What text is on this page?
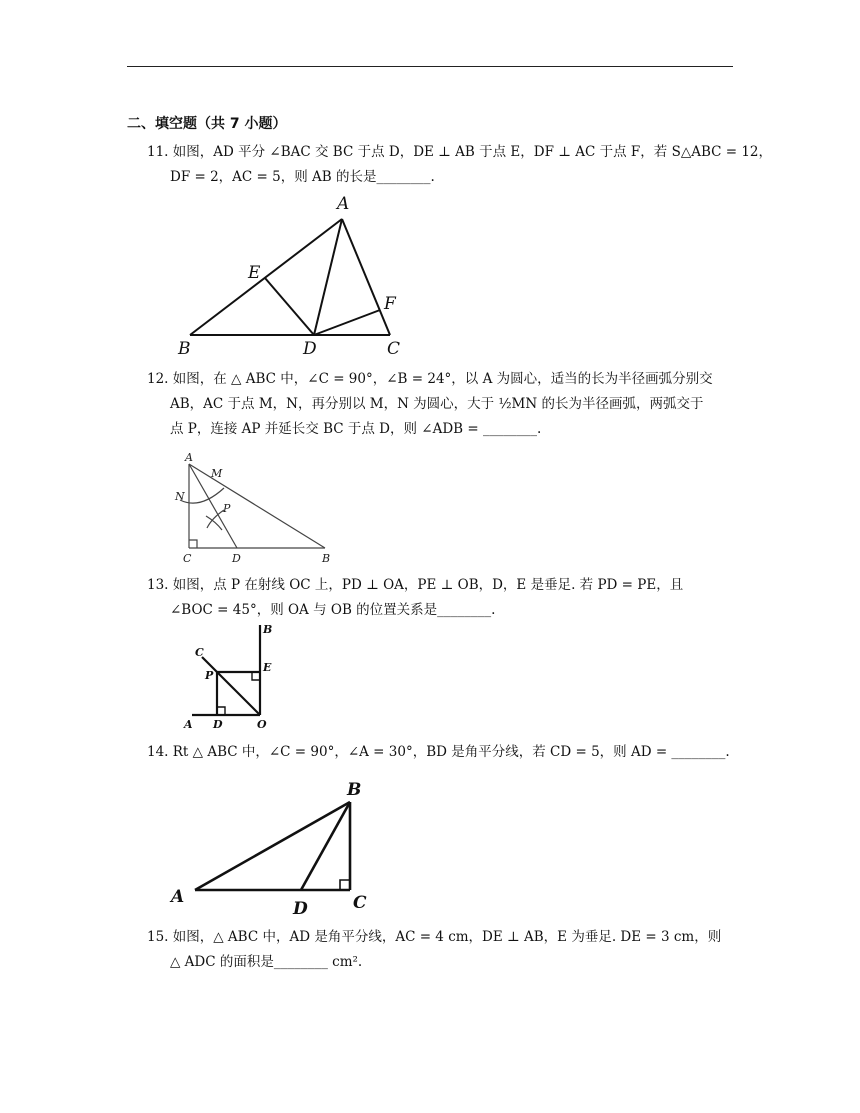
二、填空题（共 7 小题）
11. 如图，AD 平分 ∠BAC 交 BC 于点 D，DE ⊥ AB 于点 E，DF ⊥ AC 于点 F，若 S△ABC = 12，
DF = 2，AC = 5，则 AB 的长是________.
A
E
F
B	D	C
12. 如图，在 △ ABC 中，∠C = 90°，∠B = 24°，以 A 为圆心，适当的长为半径画弧分别交
AB，AC 于点 M，N，再分别以 M，N 为圆心，大于 ½MN 的长为半径画弧，两弧交于
点 P，连接 AP 并延长交 BC 于点 D，则 ∠ADB = ________.
A
M
N
P
C	D	B
13. 如图，点 P 在射线 OC 上，PD ⊥ OA，PE ⊥ OB，D，E 是垂足. 若 PD = PE，且
∠BOC = 45°，则 OA 与 OB 的位置关系是________.
B
C
E
P
A D	O
14. Rt △ ABC 中，∠C = 90°，∠A = 30°，BD 是角平分线，若 CD = 5，则 AD = ________.
B
A
D	C
15. 如图，△ ABC 中，AD 是角平分线，AC = 4 cm，DE ⊥ AB，E 为垂足. DE = 3 cm，则
△ ADC 的面积是________ cm².
